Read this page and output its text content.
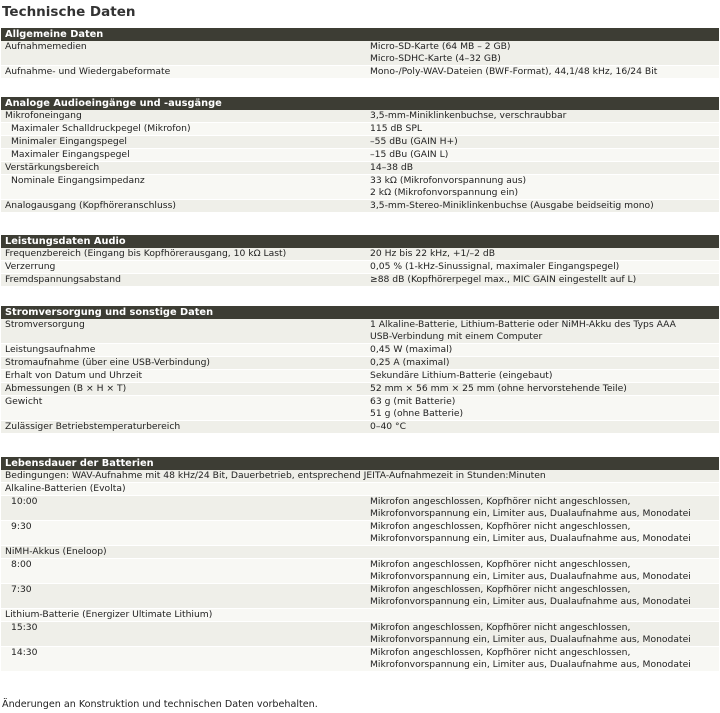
Technische Daten
Allgemeine Daten
Aufnahmemedien	Micro-SD-Karte (64 MB – 2 GB)
Micro-SDHC-Karte (4–32 GB)
Aufnahme- und Wiedergabeformate	Mono-/Poly-WAV-Dateien (BWF-Format), 44,1/48 kHz, 16/24 Bit
Analoge Audioeingänge und -ausgänge
Mikrofoneingang	3,5-mm-Miniklinkenbuchse, verschraubbar
Maximaler Schalldruckpegel (Mikrofon)	115 dB SPL
Minimaler Eingangspegel	–55 dBu (GAIN H+)
Maximaler Eingangspegel	–15 dBu (GAIN L)
Verstärkungsbereich	14–38 dB
Nominale Eingangsimpedanz	33 kΩ (Mikrofonvorspannung aus)
2 kΩ (Mikrofonvorspannung ein)
Analogausgang (Kopfhöreranschluss)	3,5-mm-Stereo-Miniklinkenbuchse (Ausgabe beidseitig mono)
Leistungsdaten Audio
Frequenzbereich (Eingang bis Kopfhörerausgang, 10 kΩ Last)	20 Hz bis 22 kHz, +1/–2 dB
Verzerrung	0,05 % (1-kHz-Sinussignal, maximaler Eingangspegel)
Fremdspannungsabstand	≥88 dB (Kopfhörerpegel max., MIC GAIN eingestellt auf L)
Stromversorgung und sonstige Daten
Stromversorgung	1 Alkaline-Batterie, Lithium-Batterie oder NiMH-Akku des Typs AAA
USB-Verbindung mit einem Computer
Leistungsaufnahme	0,45 W (maximal)
Stromaufnahme (über eine USB-Verbindung)	0,25 A (maximal)
Erhalt von Datum und Uhrzeit	Sekundäre Lithium-Batterie (eingebaut)
Abmessungen (B × H × T)	52 mm × 56 mm × 25 mm (ohne hervorstehende Teile)
Gewicht	63 g (mit Batterie)
51 g (ohne Batterie)
Zulässiger Betriebstemperaturbereich	0–40 °C
Lebensdauer der Batterien
Bedingungen: WAV-Aufnahme mit 48 kHz/24 Bit, Dauerbetrieb, entsprechend JEITA-Aufnahmezeit in Stunden:Minuten
Alkaline-Batterien (Evolta)
10:00	Mikrofon angeschlossen, Kopfhörer nicht angeschlossen,
Mikrofonvorspannung ein, Limiter aus, Dualaufnahme aus, Monodatei
9:30	Mikrofon angeschlossen, Kopfhörer nicht angeschlossen,
Mikrofonvorspannung ein, Limiter aus, Dualaufnahme aus, Monodatei
NiMH-Akkus (Eneloop)
8:00	Mikrofon angeschlossen, Kopfhörer nicht angeschlossen,
Mikrofonvorspannung ein, Limiter aus, Dualaufnahme aus, Monodatei
7:30	Mikrofon angeschlossen, Kopfhörer nicht angeschlossen,
Mikrofonvorspannung ein, Limiter aus, Dualaufnahme aus, Monodatei
Lithium-Batterie (Energizer Ultimate Lithium)
15:30	Mikrofon angeschlossen, Kopfhörer nicht angeschlossen,
Mikrofonvorspannung ein, Limiter aus, Dualaufnahme aus, Monodatei
14:30	Mikrofon angeschlossen, Kopfhörer nicht angeschlossen,
Mikrofonvorspannung ein, Limiter aus, Dualaufnahme aus, Monodatei
Änderungen an Konstruktion und technischen Daten vorbehalten.
